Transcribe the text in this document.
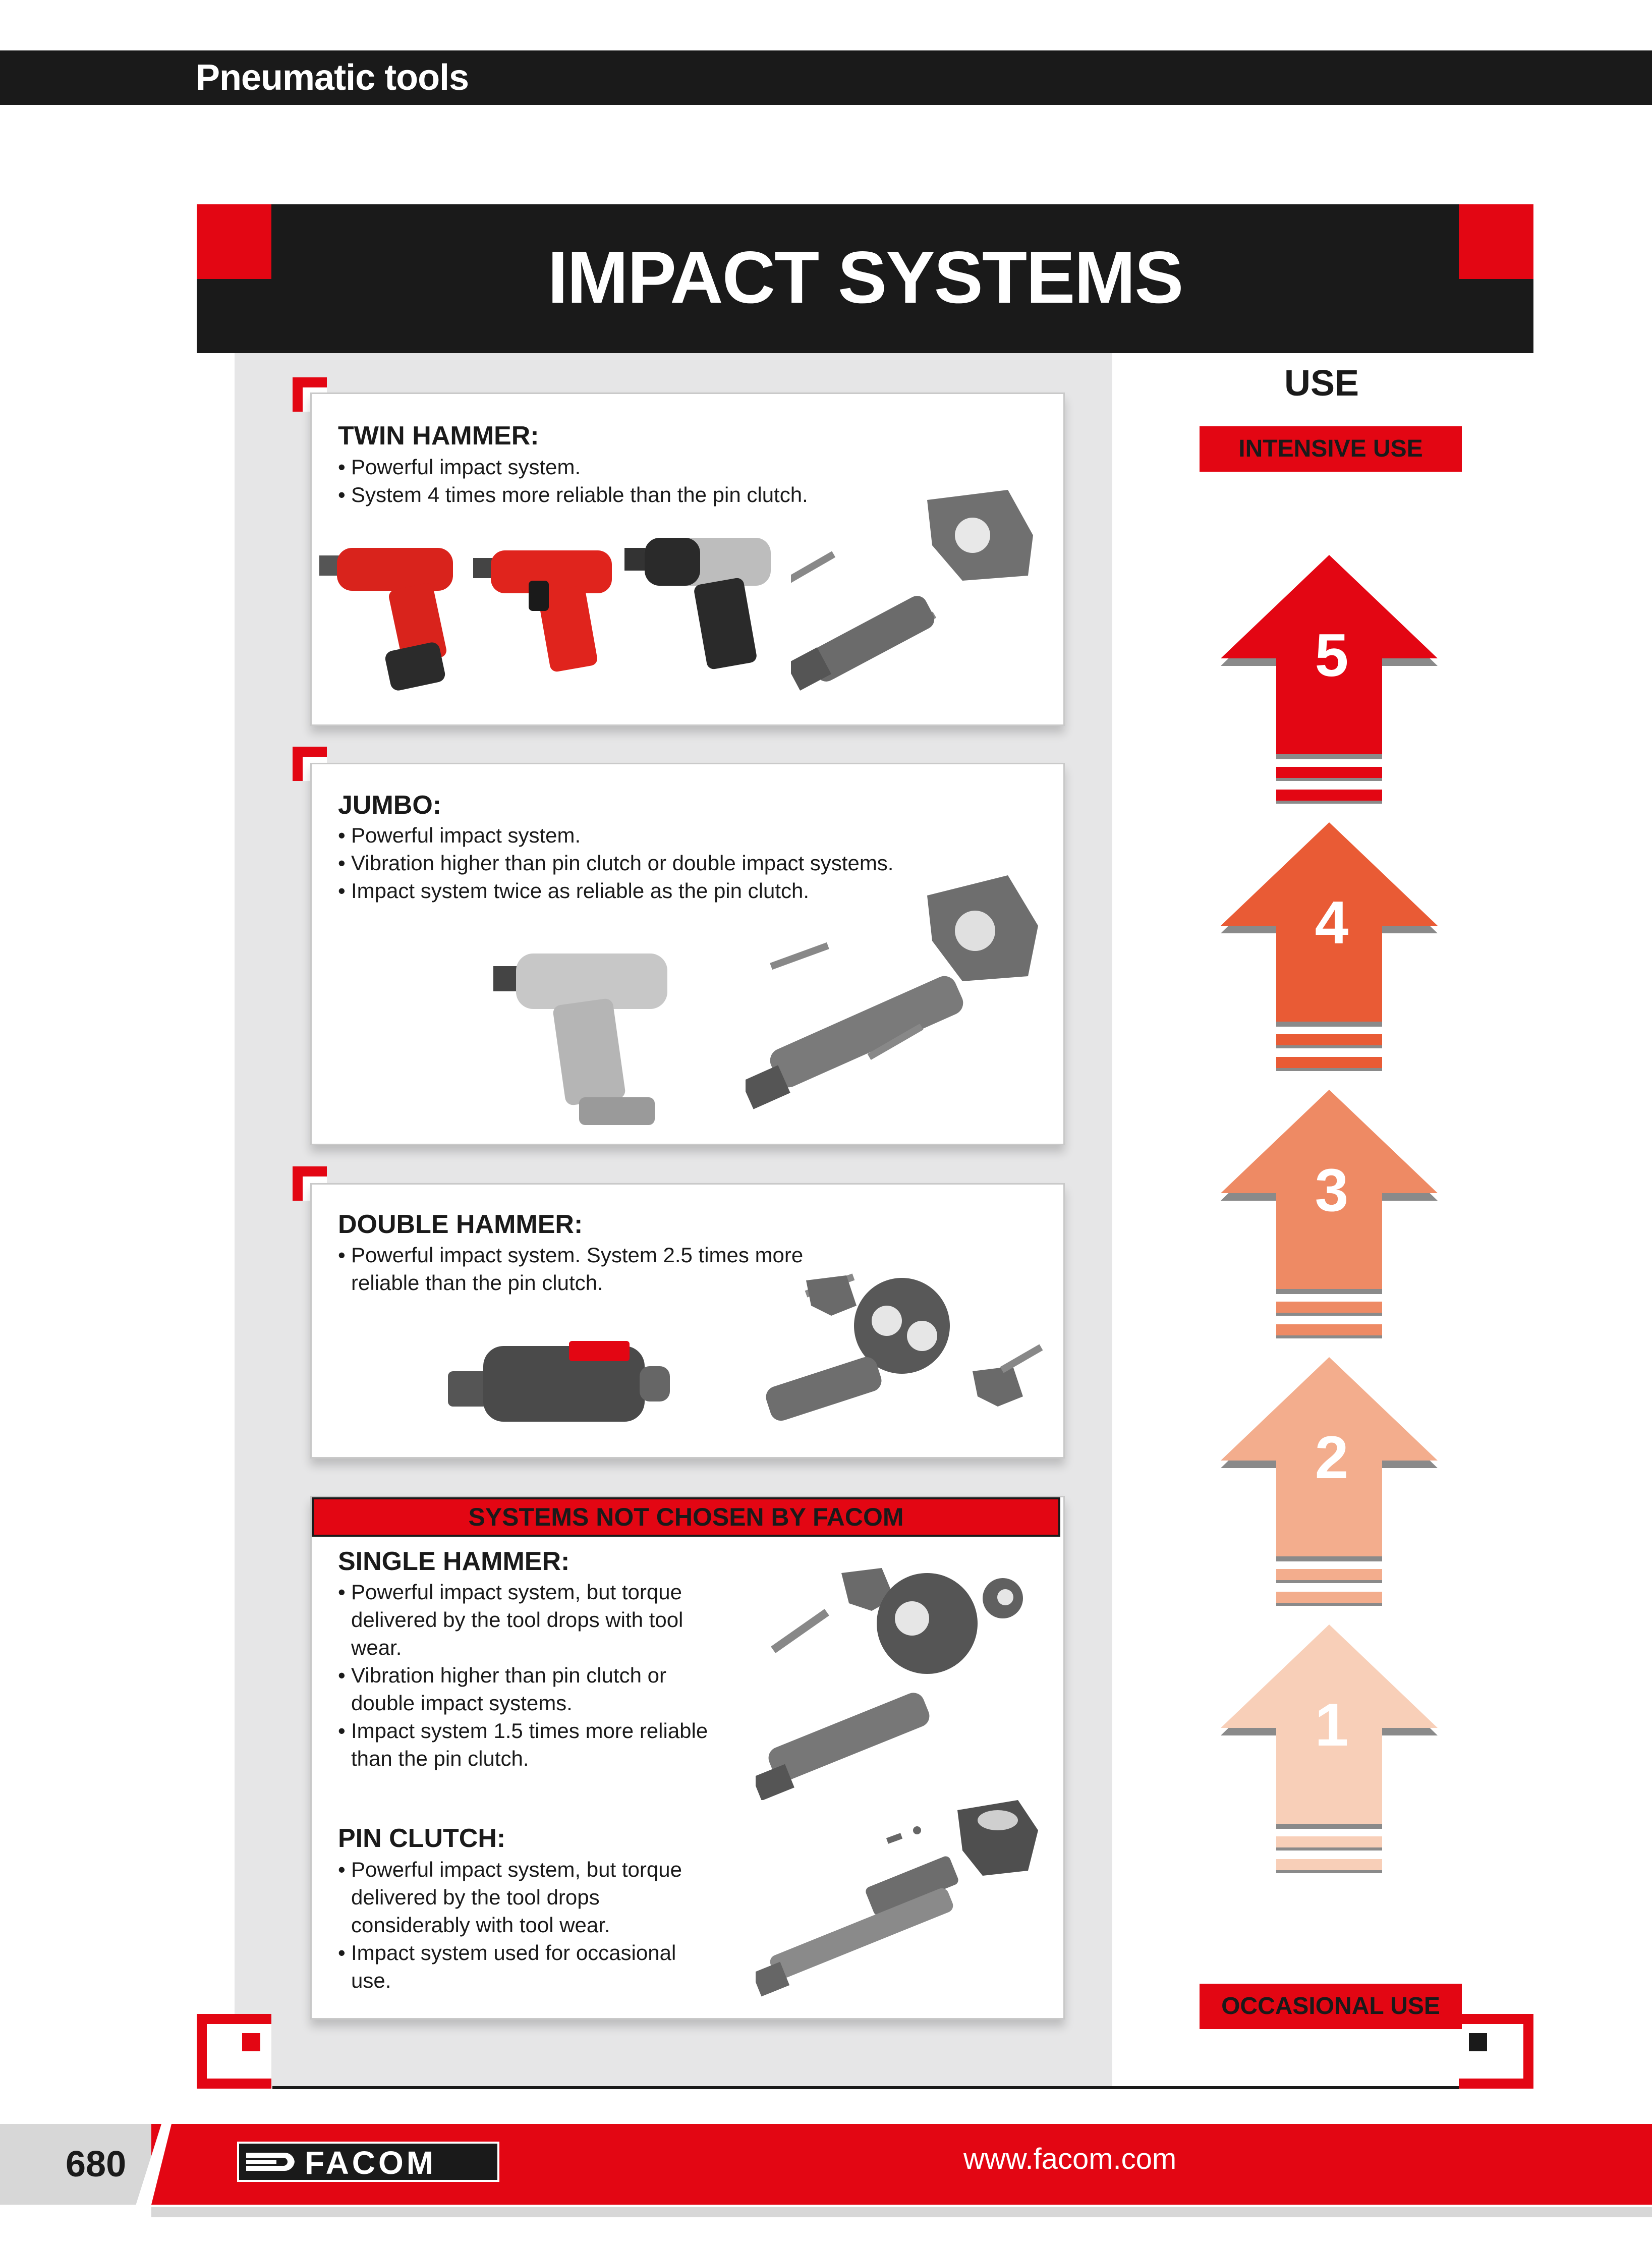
Pneumatic tools
IMPACT SYSTEMS
TWIN HAMMER:
• Powerful impact system.
• System 4 times more reliable than the pin clutch.
JUMBO:
• Powerful impact system.
• Vibration higher than pin clutch or double impact systems.
• Impact system twice as reliable as the pin clutch.
DOUBLE HAMMER:
• Powerful impact system. System 2.5 times more reliable than the pin clutch.
SYSTEMS NOT CHOSEN BY FACOM
SINGLE HAMMER:
• Powerful impact system, but torque delivered by the tool drops with tool wear.
• Vibration higher than pin clutch or double impact systems.
• Impact system 1.5 times more reliable than the pin clutch.
PIN CLUTCH:
• Powerful impact system, but torque delivered by the tool drops considerably with tool wear.
• Impact system used for occasional use.
USE
INTENSIVE USE
OCCASIONAL USE
5
4
3
2
1
680	FACOM	www.facom.com
